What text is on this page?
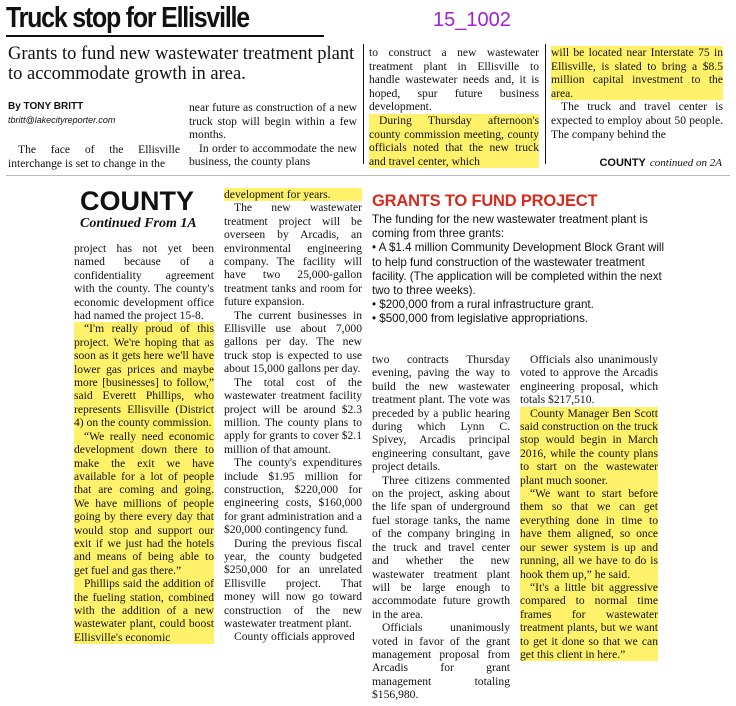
Truck stop for Ellisville	15_1002
Grants to fund new wastewater treatment plant to accommodate growth in area.
By TONY BRITT
tbritt@lakecityreporter.com

The face of the Ellisville interchange is set to change in the

near future as construction of a new truck stop will begin within a few months.

In order to accommodate the new business, the county plans

to construct a new wastewater treatment plant in Ellisville to handle wastewater needs and, it is hoped, spur future business development.

During Thursday afternoon's county commission meeting, county officials noted that the new truck and travel center, which

will be located near Interstate 75 in Ellisville, is slated to bring a $8.5 million capital investment to the area.

The truck and travel center is expected to employ about 50 people. The company behind the

COUNTY continued on 2A
COUNTY
Continued From 1A

project has not yet been named because of a confidentiality agreement with the county. The county's economic development office had named the project 15-8.

“I'm really proud of this project. We're hoping that as soon as it gets here we'll have lower gas prices and maybe more [businesses] to follow,” said Everett Phillips, who represents Ellisville (District 4) on the county commission.

“We really need economic development down there to make the exit we have available for a lot of people that are coming and going. We have millions of people going by there every day that would stop and support our exit if we just had the hotels and means of being able to get fuel and gas there.”

Phillips said the addition of the fueling station, combined with the addition of a new wastewater plant, could boost Ellisville's economic

development for years.

The new wastewater treatment project will be overseen by Arcadis, an environmental engineering company. The facility will have two 25,000-gallon treatment tanks and room for future expansion.

The current businesses in Ellisville use about 7,000 gallons per day. The new truck stop is expected to use about 15,000 gallons per day.

The total cost of the wastewater treatment facility project will be around $2.3 million. The county plans to apply for grants to cover $2.1 million of that amount.

The county's expenditures include $1.95 million for construction, $220,000 for engineering costs, $160,000 for grant administration and a $20,000 contingency fund.

During the previous fiscal year, the county budgeted $250,000 for an unrelated Ellisville project. That money will now go toward construction of the new wastewater treatment plant.

County officials approved

GRANTS TO FUND PROJECT
The funding for the new wastewater treatment plant is coming from three grants:
• A $1.4 million Community Development Block Grant will to help fund construction of the wastewater treatment facility. (The application will be completed within the next two to three weeks).
• $200,000 from a rural infrastructure grant.
• $500,000 from legislative appropriations.

two contracts Thursday evening, paving the way to build the new wastewater treatment plant. The vote was preceded by a public hearing during which Lynn C. Spivey, Arcadis principal engineering consultant, gave project details.

Three citizens commented on the project, asking about the life span of underground fuel storage tanks, the name of the company bringing in the truck and travel center and whether the new wastewater treatment plant will be large enough to accommodate future growth in the area.

Officials unanimously voted in favor of the grant management proposal from Arcadis for grant management totaling $156,980.

Officials also unanimously voted to approve the Arcadis engineering proposal, which totals $217,510.

County Manager Ben Scott said construction on the truck stop would begin in March 2016, while the county plans to start on the wastewater plant much sooner.

“We want to start before them so that we can get everything done in time to have them aligned, so once our sewer system is up and running, all we have to do is hook them up,” he said.

“It's a little bit aggressive compared to normal time frames for wastewater treatment plants, but we want to get it done so that we can get this client in here.”
